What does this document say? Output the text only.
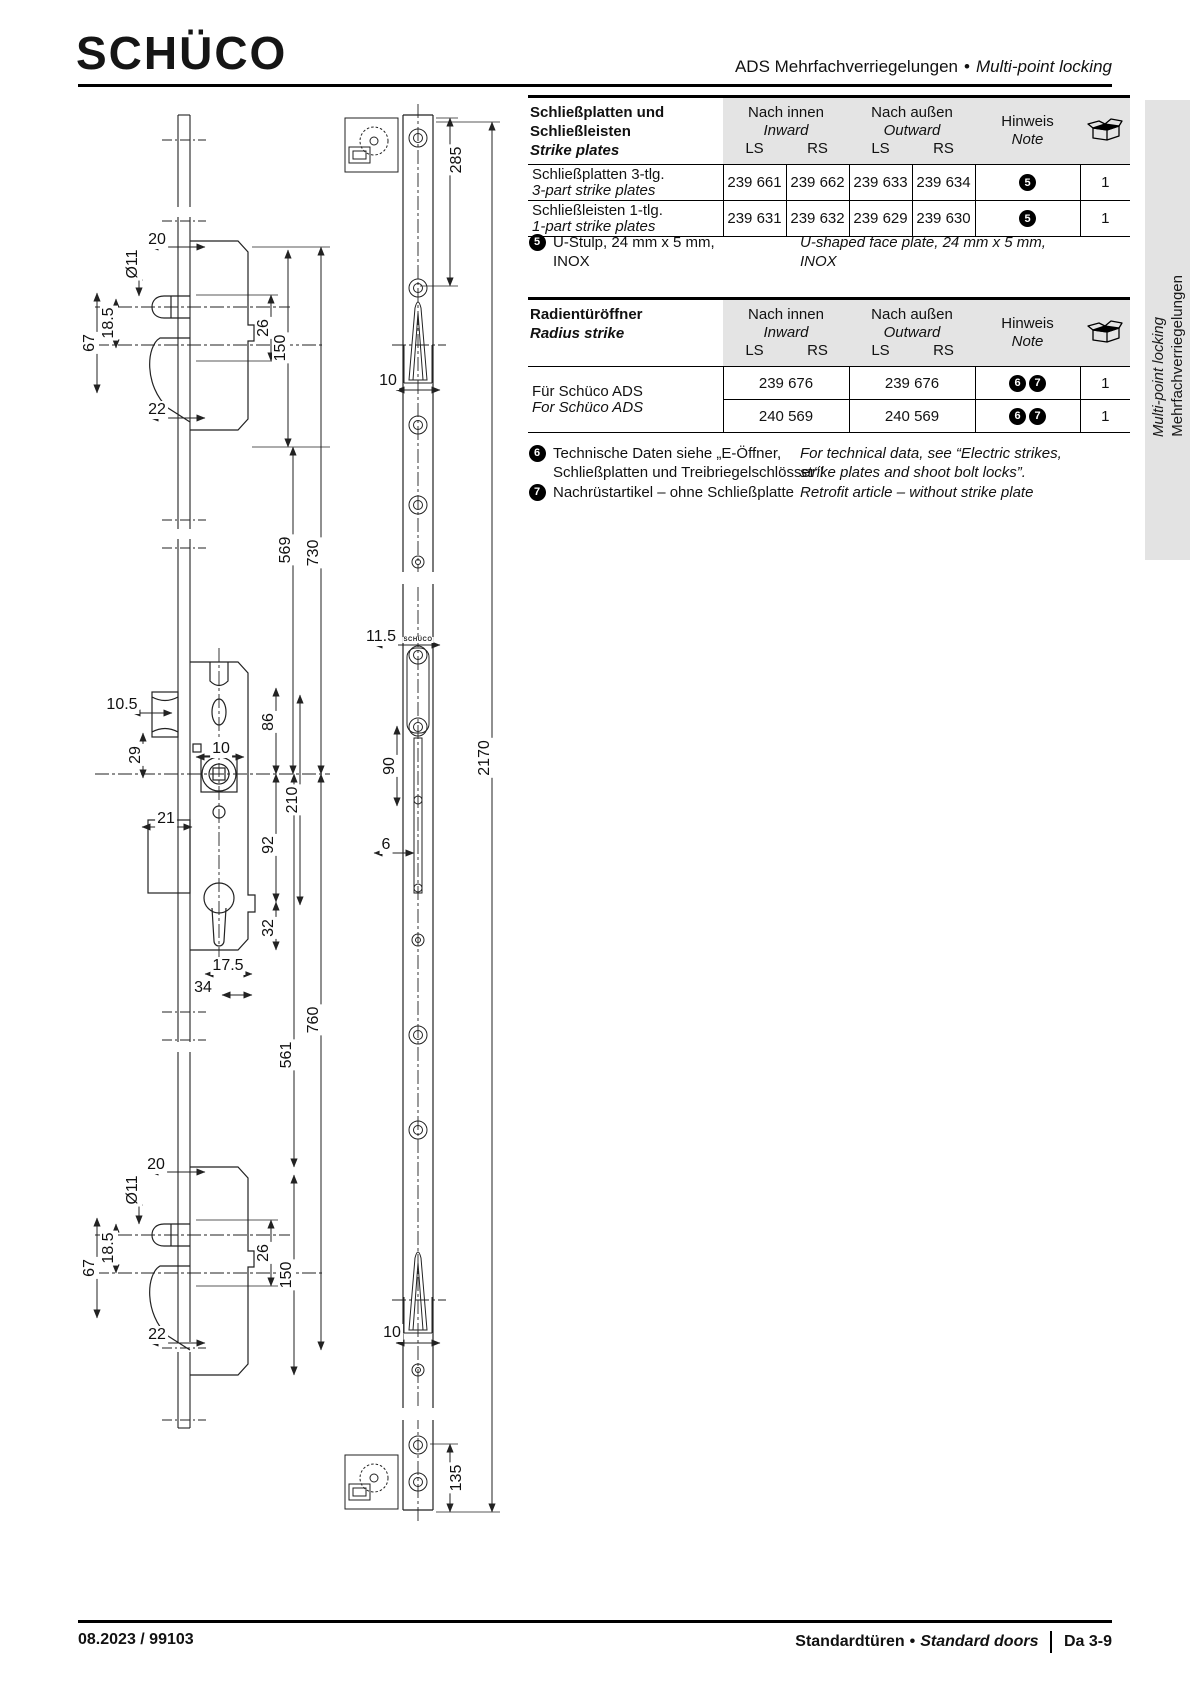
SCHÜCO	ADS Mehrfachverriegelungen • Multi-point locking
Multi-point locking Mehrfachverriegelungen
20
Ø11
18.5
67
26
150
22
569 730
10.5
29	10
21
86
210
92
32
17.5
34
760
561
20
Ø11
18.5
67
26
150
22
285
10
11.5
90
6
2170
10
135
SCHÜCO
Schließplatten und
Schließleisten
Strike plates

Nach innen
Inward

Nach außen
Outward

Hinweis
Note

	LS	RS	LS	RS		

Schließplatten 3-tlg.
3-part strike plates	239 661	239 662	239 633	239 634	5	1

Schließleisten 1-tlg.
1-part strike plates	239 631	239 632	239 629	239 630	5	1
5 U-Stulp, 24 mm x 5 mm,
INOX
U-shaped face plate, 24 mm x 5 mm,
INOX
Radientüröffner
Radius strike

Nach innen
Inward

Nach außen
Outward

Hinweis
Note

	LS	RS	LS	RS		

Für Schüco ADS
For Schüco ADS	239 676		239 676		6 7	1
	240 569		240 569		6 7	1
6 Technische Daten siehe „E-Öffner,
Schließplatten und Treibriegelschlösser“!
For technical data, see “Electric strikes,
strike plates and shoot bolt locks”.
7 Nachrüstartikel – ohne Schließplatte Retrofit article – without strike plate
08.2023 / 99103	Standardtüren • Standard doors Da 3-9
